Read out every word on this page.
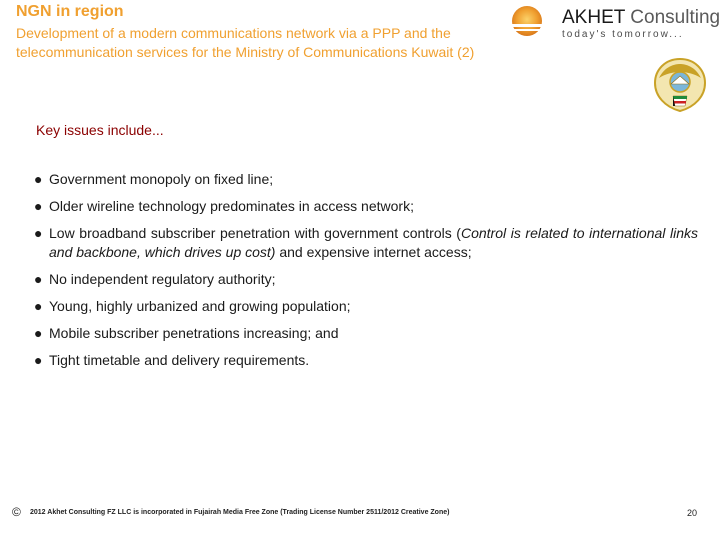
NGN in region
Development of a modern communications network via a PPP and the telecommunication services for the Ministry of Communications Kuwait (2)
AKHET Consulting
today's tomorrow...
Key issues include...
● Government monopoly on fixed line;
● Older wireline technology predominates in access network;
● Low broadband subscriber penetration with government controls (Control is related to international links and backbone, which drives up cost) and expensive internet access;
● No independent regulatory authority;
● Young, highly urbanized and growing population;
● Mobile subscriber penetrations increasing; and
● Tight timetable and delivery requirements.
© 2012 Akhet Consulting FZ LLC is incorporated in Fujairah Media Free Zone (Trading License Number 2511/2012 Creative Zone)	20
